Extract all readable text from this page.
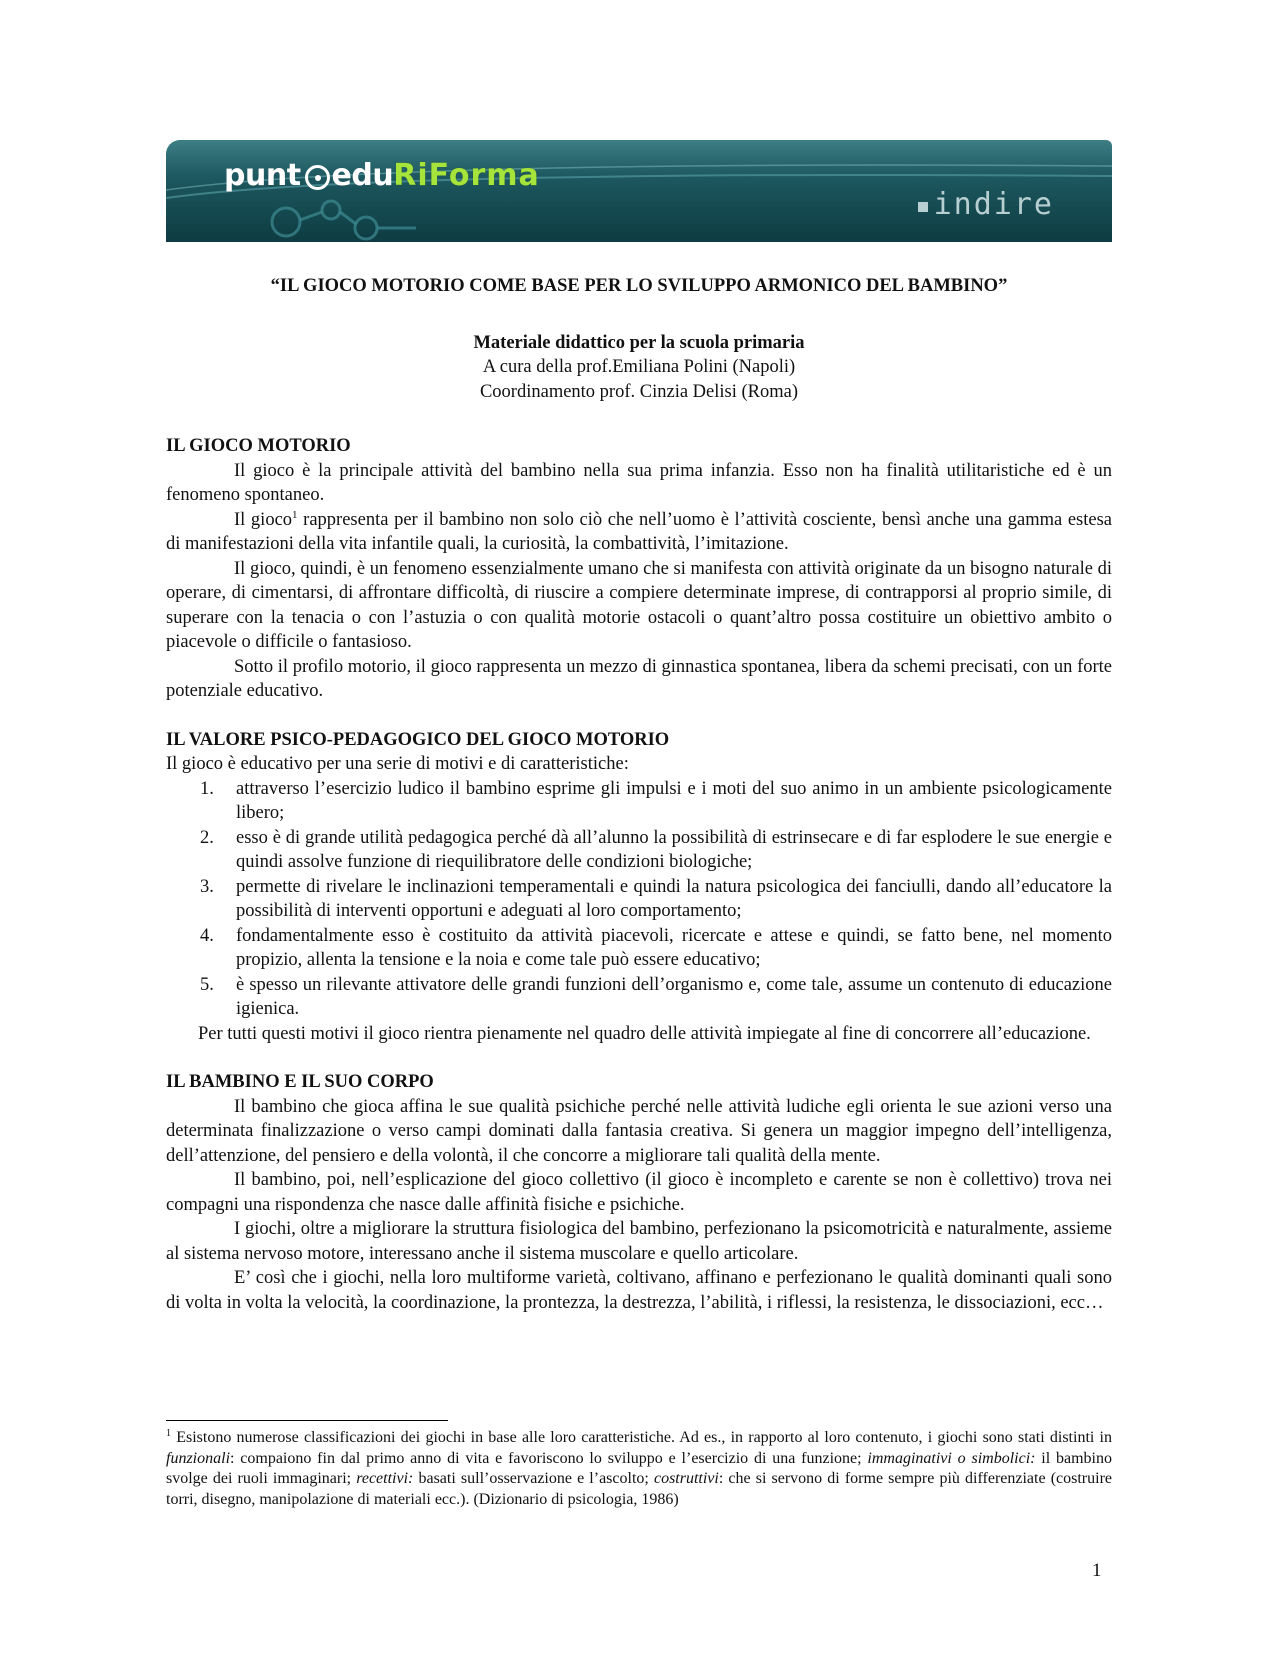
punt eduRiForma
indire

“IL GIOCO MOTORIO COME BASE PER LO SVILUPPO ARMONICO DEL BAMBINO”

Materiale didattico per la scuola primaria

A cura della prof.Emiliana Polini (Napoli)

Coordinamento prof. Cinzia Delisi (Roma)

IL GIOCO MOTORIO

Il gioco è la principale attività del bambino nella sua prima infanzia. Esso non ha finalità utilitaristiche ed è un fenomeno spontaneo.

Il gioco$^1$ rappresenta per il bambino non solo ciò che nell’uomo è l’attività cosciente, bensì anche una gamma estesa di manifestazioni della vita infantile quali, la curiosità, la combattività, l’imitazione.

Il gioco, quindi, è un fenomeno essenzialmente umano che si manifesta con attività originate da un bisogno naturale di operare, di cimentarsi, di affrontare difficoltà, di riuscire a compiere determinate imprese, di contrapporsi al proprio simile, di superare con la tenacia o con l’astuzia o con qualità motorie ostacoli o quant’altro possa costituire un obiettivo ambito o piacevole o difficile o fantasioso.

Sotto il profilo motorio, il gioco rappresenta un mezzo di ginnastica spontanea, libera da schemi precisati, con un forte potenziale educativo.

IL VALORE PSICO-PEDAGOGICO DEL GIOCO MOTORIO

Il gioco è educativo per una serie di motivi e di caratteristiche:

1. attraverso l’esercizio ludico il bambino esprime gli impulsi e i moti del suo animo in un ambiente psicologicamente libero;
2. esso è di grande utilità pedagogica perché dà all’alunno la possibilità di estrinsecare e di far esplodere le sue energie e quindi assolve funzione di riequilibratore delle condizioni biologiche;
3. permette di rivelare le inclinazioni temperamentali e quindi la natura psicologica dei fanciulli, dando all’educatore la possibilità di interventi opportuni e adeguati al loro comportamento;
4. fondamentalmente esso è costituito da attività piacevoli, ricercate e attese e quindi, se fatto bene, nel momento propizio, allenta la tensione e la noia e come tale può essere educativo;
5. è spesso un rilevante attivatore delle grandi funzioni dell’organismo e, come tale, assume un contenuto di educazione igienica.

Per tutti questi motivi il gioco rientra pienamente nel quadro delle attività impiegate al fine di concorrere all’educazione.

IL BAMBINO E IL SUO CORPO

Il bambino che gioca affina le sue qualità psichiche perché nelle attività ludiche egli orienta le sue azioni verso una determinata finalizzazione o verso campi dominati dalla fantasia creativa. Si genera un maggior impegno dell’intelligenza, dell’attenzione, del pensiero e della volontà, il che concorre a migliorare tali qualità della mente.

Il bambino, poi, nell’esplicazione del gioco collettivo (il gioco è incompleto e carente se non è collettivo) trova nei compagni una rispondenza che nasce dalle affinità fisiche e psichiche.

I giochi, oltre a migliorare la struttura fisiologica del bambino, perfezionano la psicomotricità e naturalmente, assieme al sistema nervoso motore, interessano anche il sistema muscolare e quello articolare.

E’ così che i giochi, nella loro multiforme varietà, coltivano, affinano e perfezionano le qualità dominanti quali sono di volta in volta la velocità, la coordinazione, la prontezza, la destrezza, l’abilità, i riflessi, la resistenza, le dissociazioni, ecc…

$^1$ Esistono numerose classificazioni dei giochi in base alle loro caratteristiche. Ad es., in rapporto al loro contenuto, i giochi sono stati distinti in funzionali: compaiono fin dal primo anno di vita e favoriscono lo sviluppo e l’esercizio di una funzione; immaginativi o simbolici: il bambino svolge dei ruoli immaginari; recettivi: basati sull’osservazione e l’ascolto; costruttivi: che si servono di forme sempre più differenziate (costruire torri, disegno, manipolazione di materiali ecc.). (Dizionario di psicologia, 1986)
1
